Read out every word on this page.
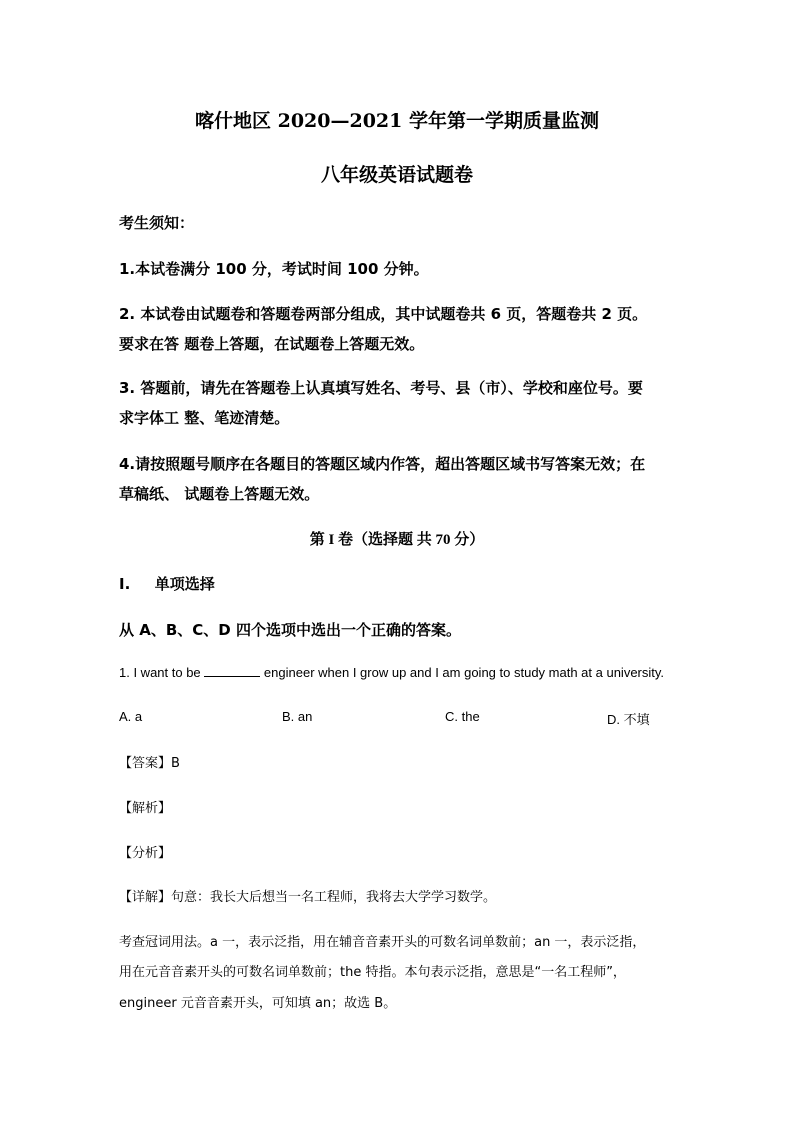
喀什地区 2020—2021 学年第一学期质量监测
八年级英语试题卷
考生须知：
1.本试卷满分 100 分，考试时间 100 分钟。
2. 本试卷由试题卷和答题卷两部分组成，其中试题卷共 6 页，答题卷共 2 页。
要求在答 题卷上答题，在试题卷上答题无效。
3. 答题前，请先在答题卷上认真填写姓名、考号、县（市）、学校和座位号。要
求字体工 整、笔迹清楚。
4.请按照题号顺序在各题目的答题区域内作答，超出答题区域书写答案无效；在
草稿纸、 试题卷上答题无效。
第 I 卷（选择题 共 70 分）
I. 单项选择
从 A、B、C、D 四个选项中选出一个正确的答案。
1. I want to be	engineer when I grow up and I am going to study math at a university.
A. a	B. an	C. the	D. 不填
【答案】B
【解析】
【分析】
【详解】句意：我长大后想当一名工程师，我将去大学学习数学。
考查冠词用法。a 一，表示泛指，用在辅音音素开头的可数名词单数前；an 一，表示泛指，
用在元音音素开头的可数名词单数前；the 特指。本句表示泛指，意思是“一名工程师”，
engineer 元音音素开头，可知填 an；故选 B。
